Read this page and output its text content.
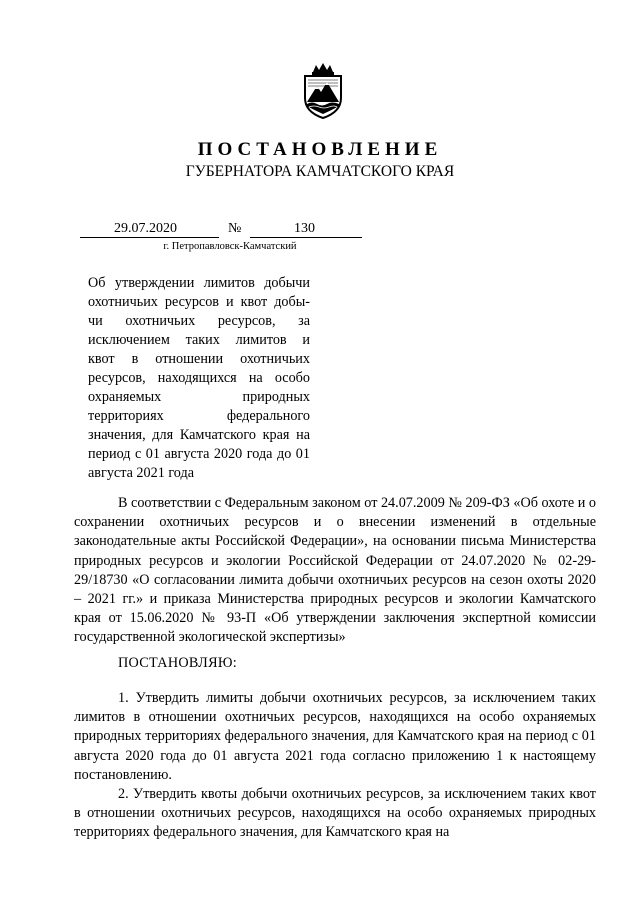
ПОСТАНОВЛЕНИЕ
ГУБЕРНАТОРА КАМЧАТСКОГО КРАЯ
29.07.2020	№	130
г. Петропавловск-Камчатский
Об утверждении лимитов добычи
охотничьих ресурсов и квот добы-
чи охотничьих ресурсов, за
исключением таких лимитов и
квот в отношении охотничьих
ресурсов, находящихся на особо
охраняемых природных
территориях федерального
значения, для Камчатского края на
период с 01 августа 2020 года до 01
августа 2021 года

В соответствии с Федеральным законом от 24.07.2009 № 209-ФЗ «Об охоте и о сохранении охотничьих ресурсов и о внесении изменений в отдельные законодательные акты Российской Федерации», на основании письма Министерства природных ресурсов и экологии Российской Федерации от 24.07.2020 № 02-29-29/18730 «О согласовании лимита добычи охотничьих ресурсов на сезон охоты 2020 – 2021 гг.» и приказа Министерства природных ресурсов и экологии Камчатского края от 15.06.2020 № 93-П «Об утверждении заключения экспертной комиссии государственной экологической экспертизы»

ПОСТАНОВЛЯЮ:

1. Утвердить лимиты добычи охотничьих ресурсов, за исключением таких лимитов в отношении охотничьих ресурсов, находящихся на особо охраняемых природных территориях федерального значения, для Камчатского края на период с 01 августа 2020 года до 01 августа 2021 года согласно приложению 1 к настоящему постановлению.

2. Утвердить квоты добычи охотничьих ресурсов, за исключением таких квот в отношении охотничьих ресурсов, находящихся на особо охраняемых природных территориях федерального значения, для Камчатского края на
